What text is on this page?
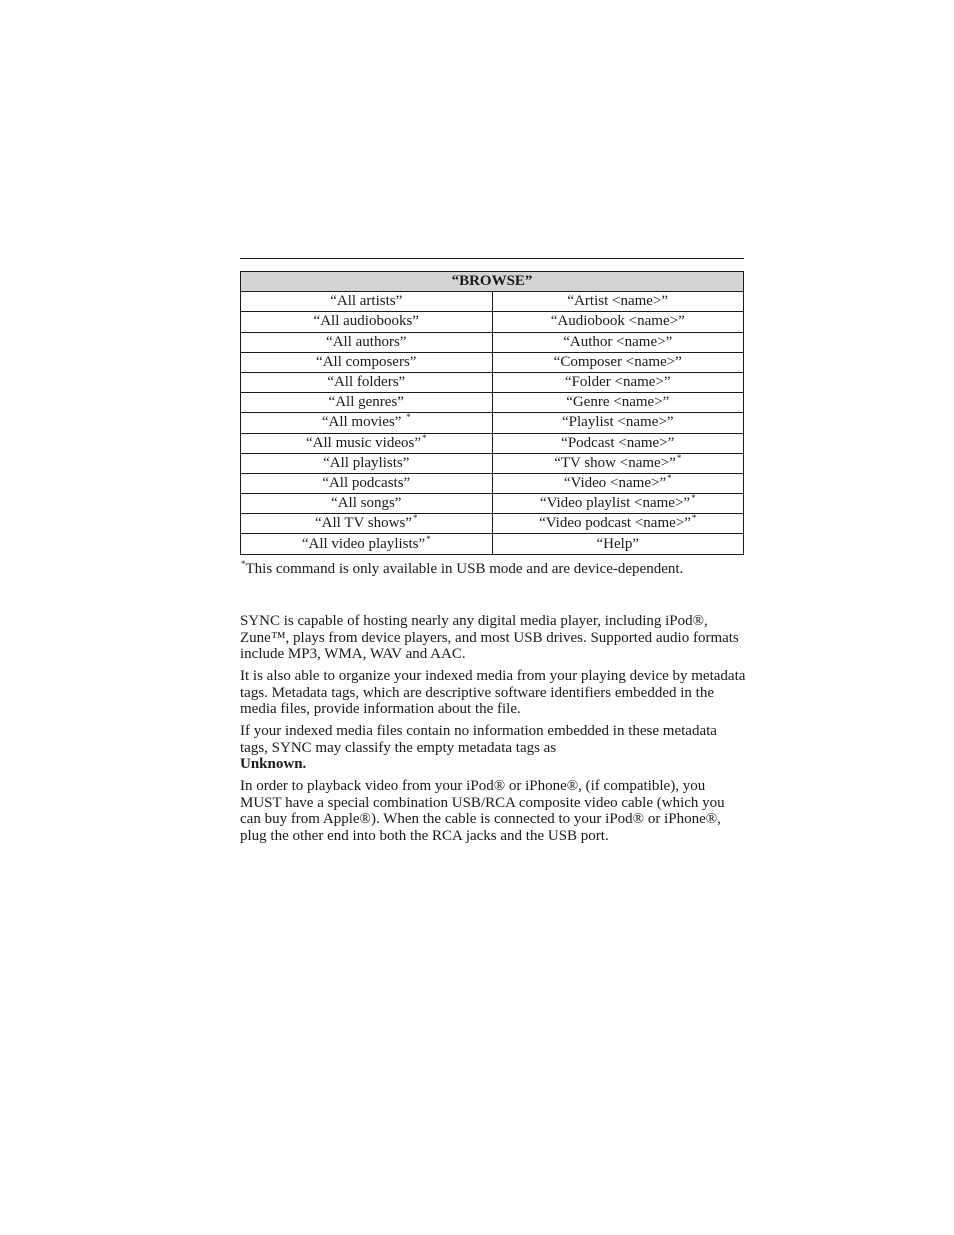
“BROWSE”	
“All artists”	“Artist <name>”
“All audiobooks”	“Audiobook <name>”
“All authors”	“Author <name>”
“All composers”	“Composer <name>”
“All folders”	“Folder <name>”
“All genres”	“Genre <name>”
“All movies” *	“Playlist <name>”
“All music videos”*	“Podcast <name>”
“All playlists”	“TV show <name>”*
“All podcasts”	“Video <name>”*
“All songs”	“Video playlist <name>”*
“All TV shows”*	“Video podcast <name>”*
“All video playlists”*	“Help”
*This command is only available in USB mode and are device-dependent.

SYNC is capable of hosting nearly any digital media player, including iPod®, Zune™, plays from device players, and most USB drives. Supported audio formats include MP3, WMA, WAV and AAC.

It is also able to organize your indexed media from your playing device by metadata tags. Metadata tags, which are descriptive software identifiers embedded in the media files, provide information about the file.

If your indexed media files contain no information embedded in these metadata tags, SYNC may classify the empty metadata tags as
Unknown.

In order to playback video from your iPod® or iPhone®, (if compatible), you MUST have a special combination USB/RCA composite video cable (which you can buy from Apple®). When the cable is connected to your iPod® or iPhone®, plug the other end into both the RCA jacks and the USB port.
